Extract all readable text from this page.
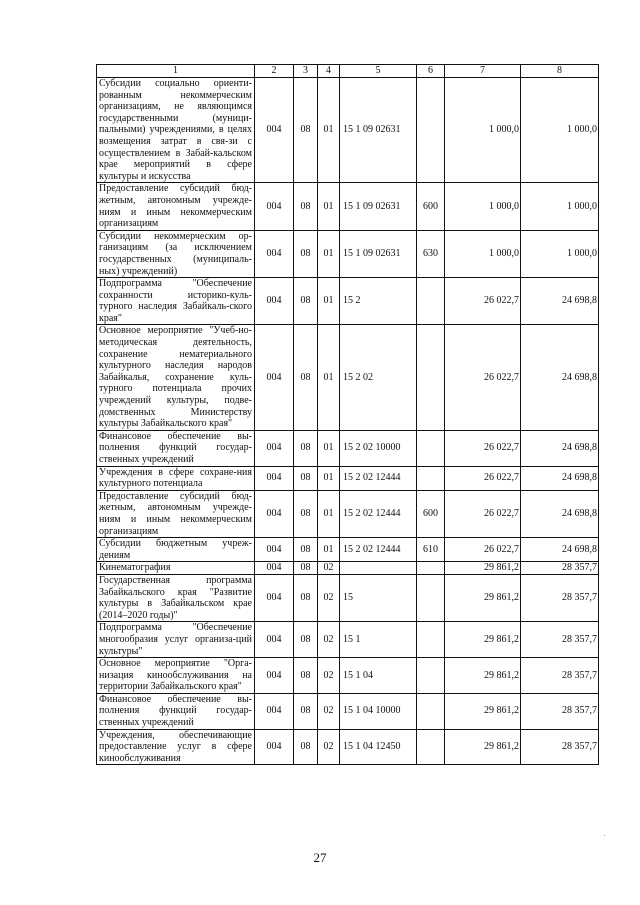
1	2	3	4	5	6	7	8
Субсидии социально ориенти-рованным некоммерческим организациям, не являющимся государственными (муници-пальными) учреждениями, в целях возмещения затрат в свя-зи с осуществлением в Забай-кальском крае мероприятий в сфере культуры и искусства	004	08	01	15 1 09 02631		1 000,0	1 000,0
Предоставление субсидий бюд-жетным, автономным учрежде-ниям и иным некоммерческим организациям	004	08	01	15 1 09 02631	600	1 000,0	1 000,0
Субсидии некоммерческим ор-ганизациям (за исключением государственных (муниципаль-ных) учреждений)	004	08	01	15 1 09 02631	630	1 000,0	1 000,0
Подпрограмма "Обеспечение сохранности историко-куль-турного наследия Забайкаль-ского края"	004	08	01	15 2		26 022,7	24 698,8
Основное мероприятие "Учеб-но-методическая деятельность, сохранение нематериального культурного наследия народов Забайкалья, сохранение куль-турного потенциала прочих учреждений культуры, подве-домственных Министерству культуры Забайкальского края"	004	08	01	15 2 02		26 022,7	24 698,8
Финансовое обеспечение вы-полнения функций государ-ственных учреждений	004	08	01	15 2 02 10000		26 022,7	24 698,8
Учреждения в сфере сохране-ния культурного потенциала	004	08	01	15 2 02 12444		26 022,7	24 698,8
Предоставление субсидий бюд-жетным, автономным учрежде-ниям и иным некоммерческим организациям	004	08	01	15 2 02 12444	600	26 022,7	24 698,8
Субсидии бюджетным учреж-дениям	004	08	01	15 2 02 12444	610	26 022,7	24 698,8
Кинематография	004	08	02			29 861,2	28 357,7
Государственная программа Забайкальского края "Развитие культуры в Забайкальском крае (2014–2020 годы)"	004	08	02	15		29 861,2	28 357,7
Подпрограмма "Обеспечение многообразия услуг организа-ций культуры"	004	08	02	15 1		29 861,2	28 357,7
Основное мероприятие "Орга-низация кинообслуживания на территории Забайкальского края"	004	08	02	15 1 04		29 861,2	28 357,7
Финансовое обеспечение вы-полнения функций государ-ственных учреждений	004	08	02	15 1 04 10000		29 861,2	28 357,7
Учреждения, обеспечивающие предоставление услуг в сфере кинообслуживания	004	08	02	15 1 04 12450		29 861,2	28 357,7
27
